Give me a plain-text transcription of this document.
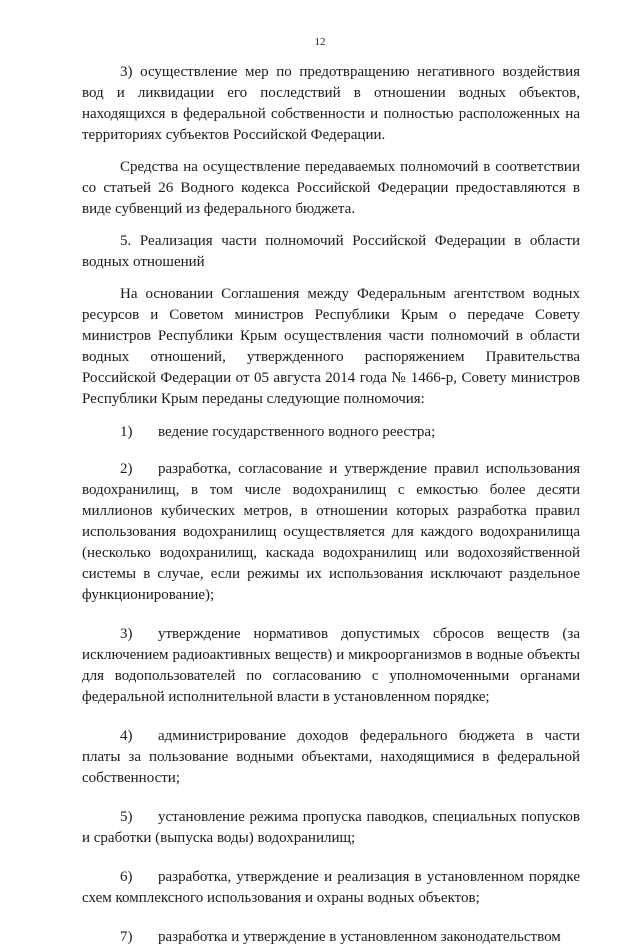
12

3) осуществление мер по предотвращению негативного воздействия вод и ликвидации его последствий в отношении водных объектов, находящихся в федеральной собственности и полностью расположенных на территориях субъектов Российской Федерации.

Средства на осуществление передаваемых полномочий в соответствии со статьей 26 Водного кодекса Российской Федерации предоставляются в виде субвенций из федерального бюджета.

5. Реализация части полномочий Российской Федерации в области водных отношений

На основании Соглашения между Федеральным агентством водных ресурсов и Советом министров Республики Крым о передаче Совету министров Республики Крым осуществления части полномочий в области водных отношений, утвержденного распоряжением Правительства Российской Федерации от 05 августа 2014 года № 1466-р, Совету министров Республики Крым переданы следующие полномочия:

1) ведение государственного водного реестра;

2) разработка, согласование и утверждение правил использования водохранилищ, в том числе водохранилищ с емкостью более десяти миллионов кубических метров, в отношении которых разработка правил использования водохранилищ осуществляется для каждого водохранилища (несколько водохранилищ, каскада водохранилищ или водохозяйственной системы в случае, если режимы их использования исключают раздельное функционирование);

3) утверждение нормативов допустимых сбросов веществ (за исключением радиоактивных веществ) и микроорганизмов в водные объекты для водопользователей по согласованию с уполномоченными органами федеральной исполнительной власти в установленном порядке;

4) администрирование доходов федерального бюджета в части платы за пользование водными объектами, находящимися в федеральной собственности;

5) установление режима пропуска паводков, специальных попусков и сработки (выпуска воды) водохранилищ;

6) разработка, утверждение и реализация в установленном порядке схем комплексного использования и охраны водных объектов;

7) разработка и утверждение в установленном законодательством
